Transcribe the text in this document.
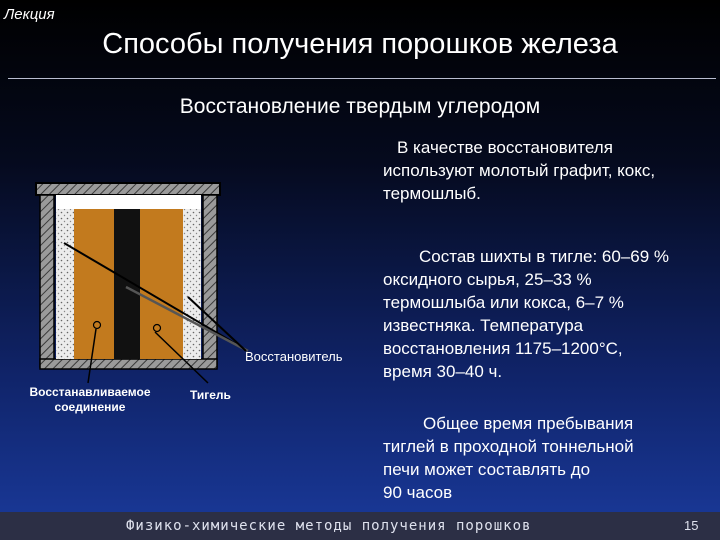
Лекция
Способы получения порошков железа
Восстановление твердым углеродом
В качестве восстановителя
используют молотый графит, кокс,
термошлыб.
Состав шихты в тигле: 60–69 %
оксидного сырья, 25–33 %
термошлыба или кокса, 6–7 %
известняка. Температура
восстановления 1175–1200°С,
время 30–40 ч.
Общее время пребывания
тиглей в проходной тоннельной
печи может составлять до
90 часов
Восстановитель
Восстанавливаемое
соединение
Тигель
Физико-химические методы получения порошков	15
